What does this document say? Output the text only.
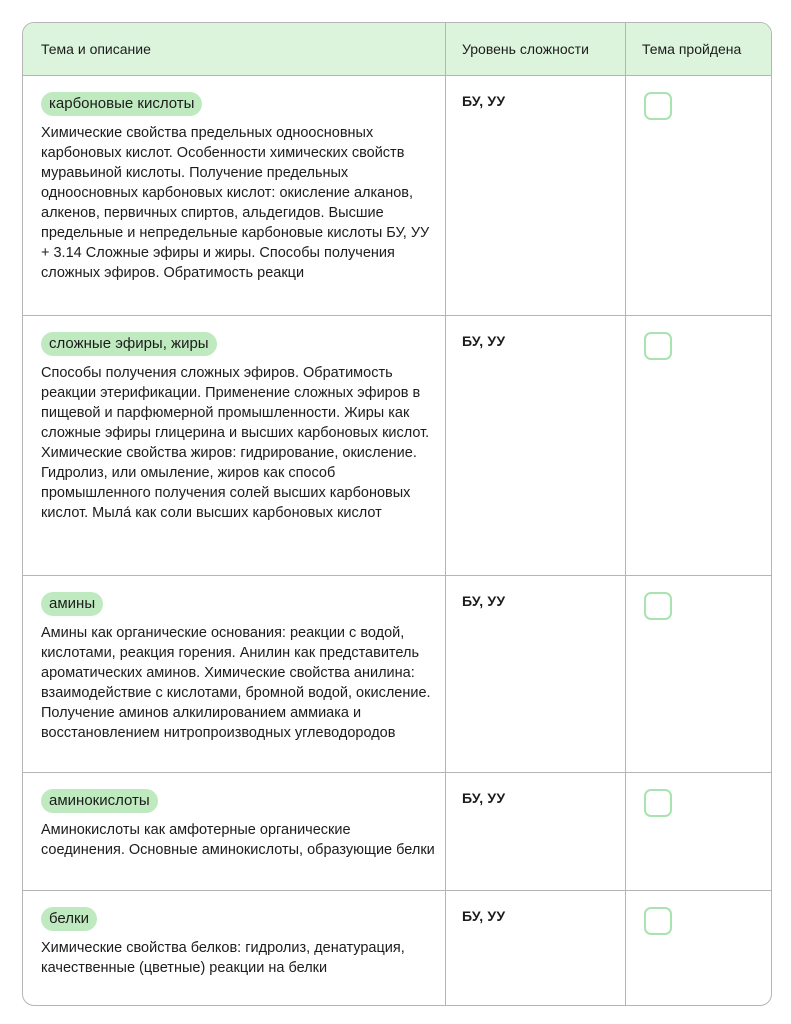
Тема и описание	Уровень сложности	Тема пройдена
карбоновые кислоты
Химические свойства предельных одноосновных карбоновых кислот. Особенности химических свойств муравьиной кислоты. Получение предельных одноосновных карбоновых кислот: окисление алканов, алкенов, первичных спиртов, альдегидов. Высшие предельные и непредельные карбоновые кислоты БУ, УУ + 3.14 Сложные эфиры и жиры. Способы получения сложных эфиров. Обратимость реакци
БУ, УУ
сложные эфиры, жиры
Способы получения сложных эфиров. Обратимость реакции этерификации. Применение сложных эфиров в пищевой и парфюмерной промышленности. Жиры как сложные эфиры глицерина и высших карбоновых кислот. Химические свойства жиров: гидрирование, окисление. Гидролиз, или омыление, жиров как способ промышленного получения солей высших карбоновых кислот. Мыла́ как соли высших карбоновых кислот
БУ, УУ
амины
Амины как органические основания: реакции с водой, кислотами, реакция горения. Анилин как представитель ароматических аминов. Химические свойства анилина: взаимодействие с кислотами, бромной водой, окисление. Получение аминов алкилированием аммиака и восстановлением нитропроизводных углеводородов
БУ, УУ
аминокислоты
Аминокислоты как амфотерные органические соединения. Основные аминокислоты, образующие белки
БУ, УУ
белки
Химические свойства белков: гидролиз, денатурация, качественные (цветные) реакции на белки
БУ, УУ
